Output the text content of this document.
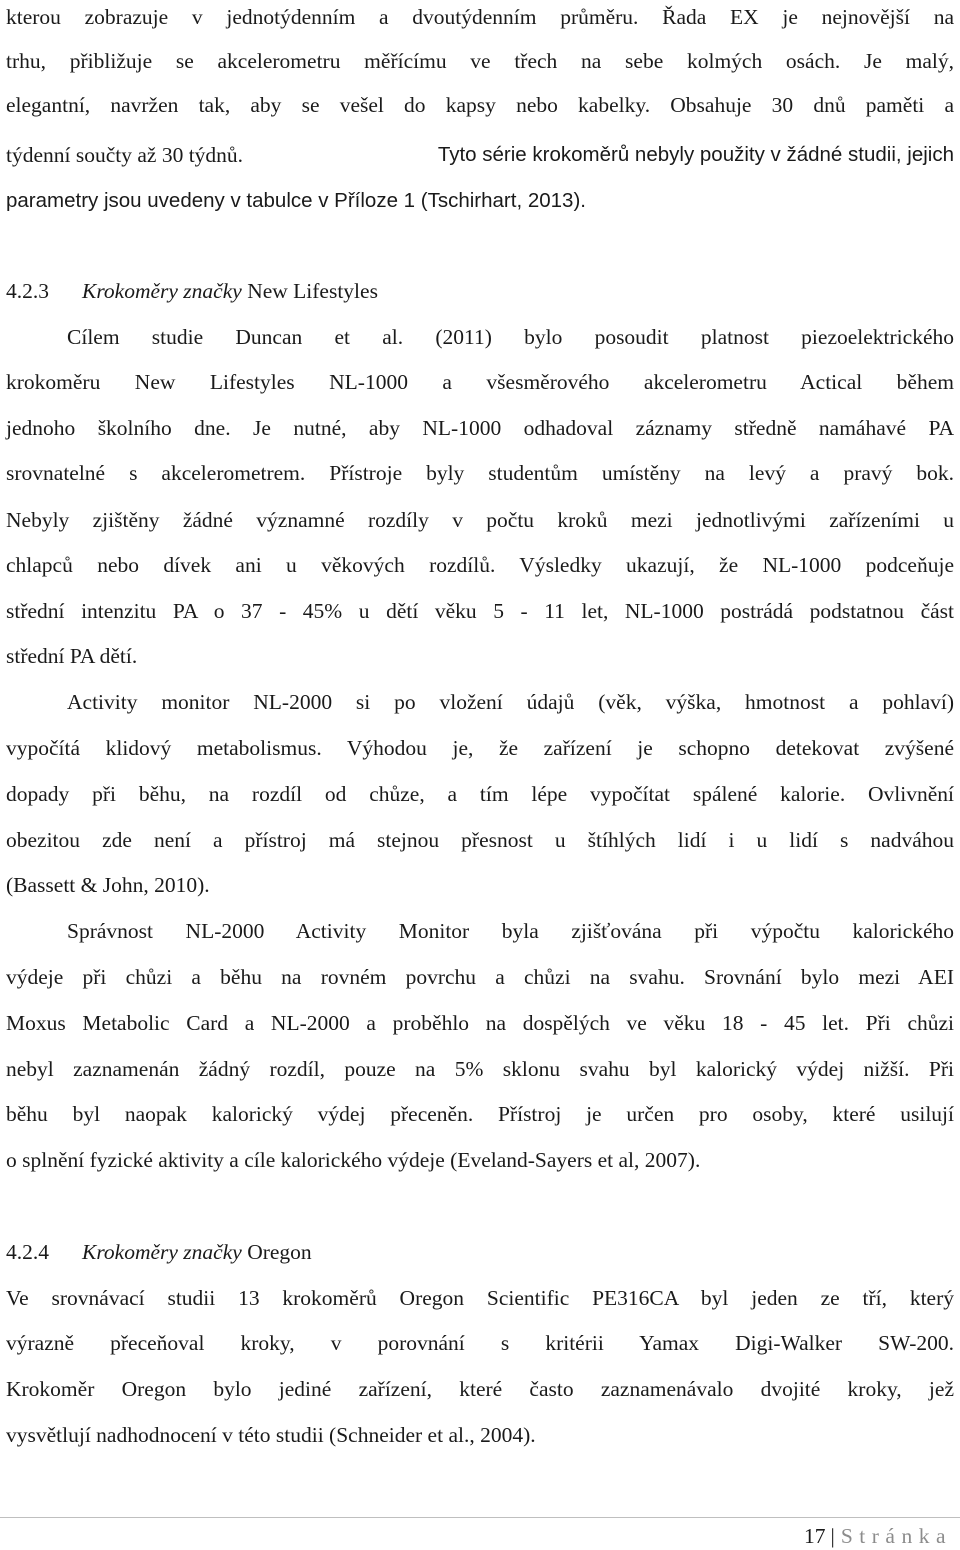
kterou zobrazuje v jednotýdenním a dvoutýdenním průměru. Řada EX je nejnovější na
trhu, přibližuje se akcelerometru měřícímu ve třech na sebe kolmých osách. Je malý,
elegantní, navržen tak, aby se vešel do kapsy nebo kabelky. Obsahuje 30 dnů paměti a
týdenní součty až 30 týdnů.	Tyto série krokoměrů nebyly použity v žádné studii, jejich
parametry jsou uvedeny v tabulce v Příloze 1 (Tschirhart, 2013).
4.2.3 Krokoměry značky New Lifestyles
Cílem studie Duncan et al. (2011) bylo posoudit platnost piezoelektrického
krokoměru New Lifestyles NL-1000 a všesměrového akcelerometru Actical během
jednoho školního dne. Je nutné, aby NL-1000 odhadoval záznamy středně namáhavé PA
srovnatelné s akcelerometrem. Přístroje byly studentům umístěny na levý a pravý bok.
Nebyly zjištěny žádné významné rozdíly v počtu kroků mezi jednotlivými zařízeními u
chlapců nebo dívek ani u věkových rozdílů. Výsledky ukazují, že NL-1000 podceňuje
střední intenzitu PA o 37 - 45% u dětí věku 5 - 11 let, NL-1000 postrádá podstatnou část
střední PA dětí.
Activity monitor NL-2000 si po vložení údajů (věk, výška, hmotnost a pohlaví)
vypočítá klidový metabolismus. Výhodou je, že zařízení je schopno detekovat zvýšené
dopady při běhu, na rozdíl od chůze, a tím lépe vypočítat spálené kalorie. Ovlivnění
obezitou zde není a přístroj má stejnou přesnost u štíhlých lidí i u lidí s nadváhou
(Bassett & John, 2010).
Správnost NL-2000 Activity Monitor byla zjišťována při výpočtu kalorického
výdeje při chůzi a běhu na rovném povrchu a chůzi na svahu. Srovnání bylo mezi AEI
Moxus Metabolic Card a NL-2000 a proběhlo na dospělých ve věku 18 - 45 let. Při chůzi
nebyl zaznamenán žádný rozdíl, pouze na 5% sklonu svahu byl kalorický výdej nižší. Při
běhu byl naopak kalorický výdej přeceněn. Přístroj je určen pro osoby, které usilují
o splnění fyzické aktivity a cíle kalorického výdeje (Eveland-Sayers et al, 2007).
4.2.4 Krokoměry značky Oregon
Ve srovnávací studii 13 krokoměrů Oregon Scientific PE316CA byl jeden ze tří, který
výrazně přeceňoval kroky, v porovnání s kritérii Yamax Digi-Walker SW-200.
Krokoměr Oregon bylo jediné zařízení, které často zaznamenávalo dvojité kroky, jež
vysvětlují nadhodnocení v této studii (Schneider et al., 2004).
17 | Stránka
